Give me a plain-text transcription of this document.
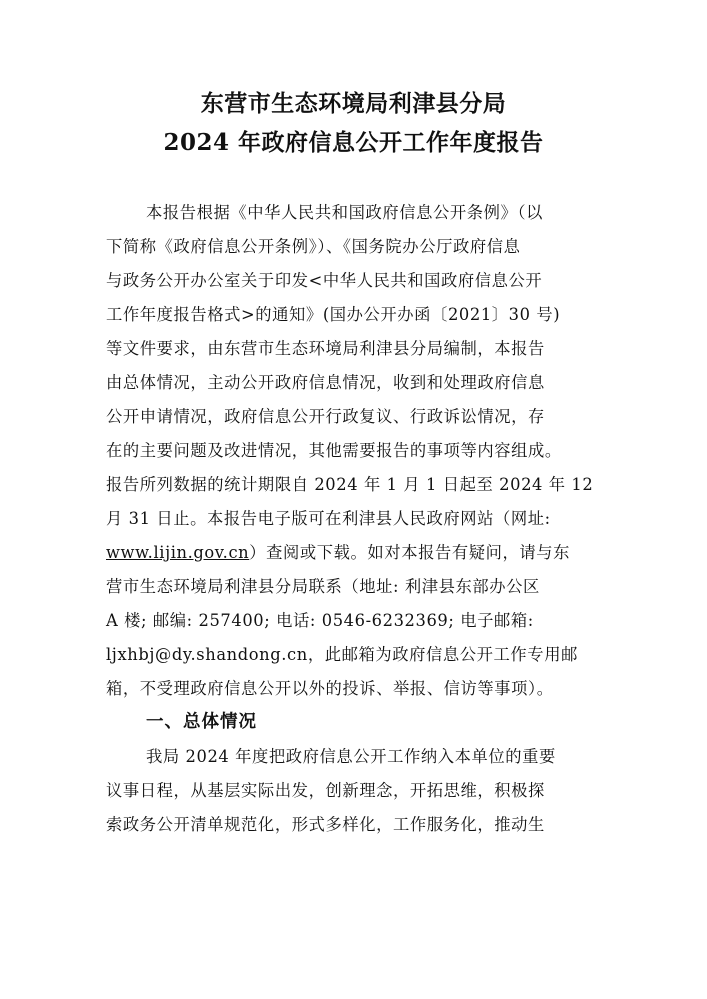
东营市生态环境局利津县分局
2024 年政府信息公开工作年度报告
本报告根据《中华人民共和国政府信息公开条例》（以
下简称《政府信息公开条例》）、《国务院办公厅政府信息
与政务公开办公室关于印发<中华人民共和国政府信息公开
工作年度报告格式>的通知》(国办公开办函〔2021〕30 号)
等文件要求，由东营市生态环境局利津县分局编制，本报告
由总体情况，主动公开政府信息情况，收到和处理政府信息
公开申请情况，政府信息公开行政复议、行政诉讼情况，存
在的主要问题及改进情况，其他需要报告的事项等内容组成。
报告所列数据的统计期限自 2024 年 1 月 1 日起至 2024 年 12
月 31 日止。本报告电子版可在利津县人民政府网站（网址:
www.lijin.gov.cn）查阅或下载。如对本报告有疑问，请与东
营市生态环境局利津县分局联系（地址: 利津县东部办公区
A 楼; 邮编: 257400; 电话: 0546-6232369; 电子邮箱:
ljxhbj@dy.shandong.cn，此邮箱为政府信息公开工作专用邮
箱，不受理政府信息公开以外的投诉、举报、信访等事项）。
一、总体情况
我局 2024 年度把政府信息公开工作纳入本单位的重要
议事日程，从基层实际出发，创新理念，开拓思维，积极探
索政务公开清单规范化，形式多样化，工作服务化，推动生
